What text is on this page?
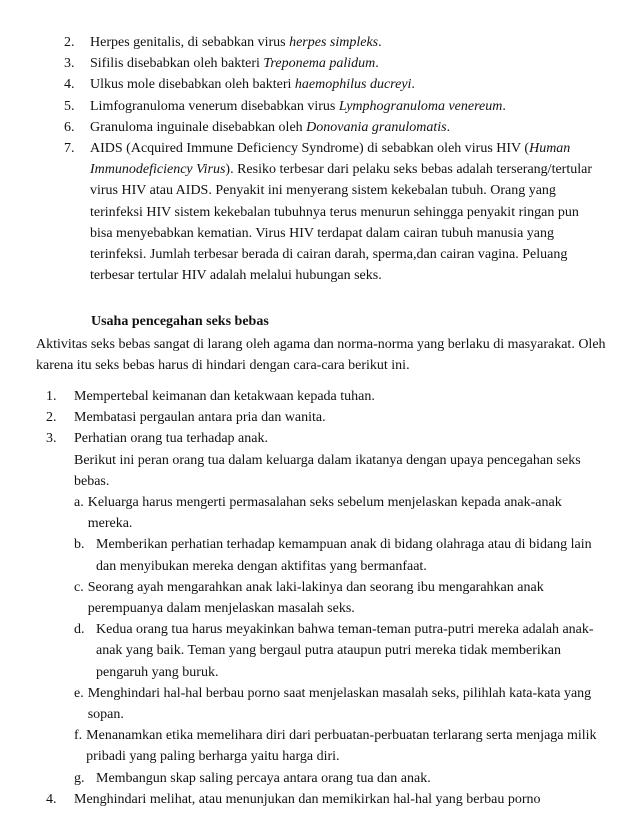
2.	Herpes genitalis, di sebabkan virus herpes simpleks.
3.	Sifilis disebabkan oleh bakteri Treponema palidum.
4.	Ulkus mole disebabkan oleh bakteri haemophilus ducreyi.
5.	Limfogranuloma venerum disebabkan virus Lymphogranuloma venereum.
6.	Granuloma inguinale disebabkan oleh Donovania granulomatis.
7.	AIDS (Acquired Immune Deficiency Syndrome) di sebabkan oleh virus HIV (Human Immunodeficiency Virus). Resiko terbesar dari pelaku seks bebas adalah terserang/tertular virus HIV atau AIDS. Penyakit ini menyerang sistem kekebalan tubuh. Orang yang terinfeksi HIV sistem kekebalan tubuhnya terus menurun sehingga penyakit ringan pun bisa menyebabkan kematian. Virus HIV terdapat dalam cairan tubuh manusia yang terinfeksi. Jumlah terbesar berada di cairan darah, sperma,dan cairan vagina. Peluang terbesar tertular HIV adalah melalui hubungan seks.
Usaha pencegahan seks bebas
Aktivitas seks bebas sangat di larang oleh agama dan norma-norma yang berlaku di masyarakat. Oleh karena itu seks bebas harus di hindari dengan cara-cara berikut ini.
1.	Mempertebal keimanan dan ketakwaan kepada tuhan.
2.	Membatasi pergaulan antara pria dan wanita.
3.	Perhatian orang tua terhadap anak.
Berikut ini peran orang tua dalam keluarga dalam ikatanya dengan upaya pencegahan seks bebas.
a. Keluarga harus mengerti permasalahan seks sebelum menjelaskan kepada anak-anak mereka.
b. Memberikan perhatian terhadap kemampuan anak di bidang olahraga atau di bidang lain dan menyibukan mereka dengan aktifitas yang bermanfaat.
c. Seorang ayah mengarahkan anak laki-lakinya dan seorang ibu mengarahkan anak perempuanya dalam menjelaskan masalah seks.
d. Kedua orang tua harus meyakinkan bahwa teman-teman putra-putri mereka adalah anak-anak yang baik. Teman yang bergaul putra ataupun putri mereka tidak memberikan pengaruh yang buruk.
e. Menghindari hal-hal berbau porno saat menjelaskan masalah seks, pilihlah kata-kata yang sopan.
f. Menanamkan etika memelihara diri dari perbuatan-perbuatan terlarang serta menjaga milik pribadi yang paling berharga yaitu harga diri.
g. Membangun skap saling percaya antara orang tua dan anak.
4.	Menghindari melihat, atau menunjukan dan memikirkan hal-hal yang berbau porno
